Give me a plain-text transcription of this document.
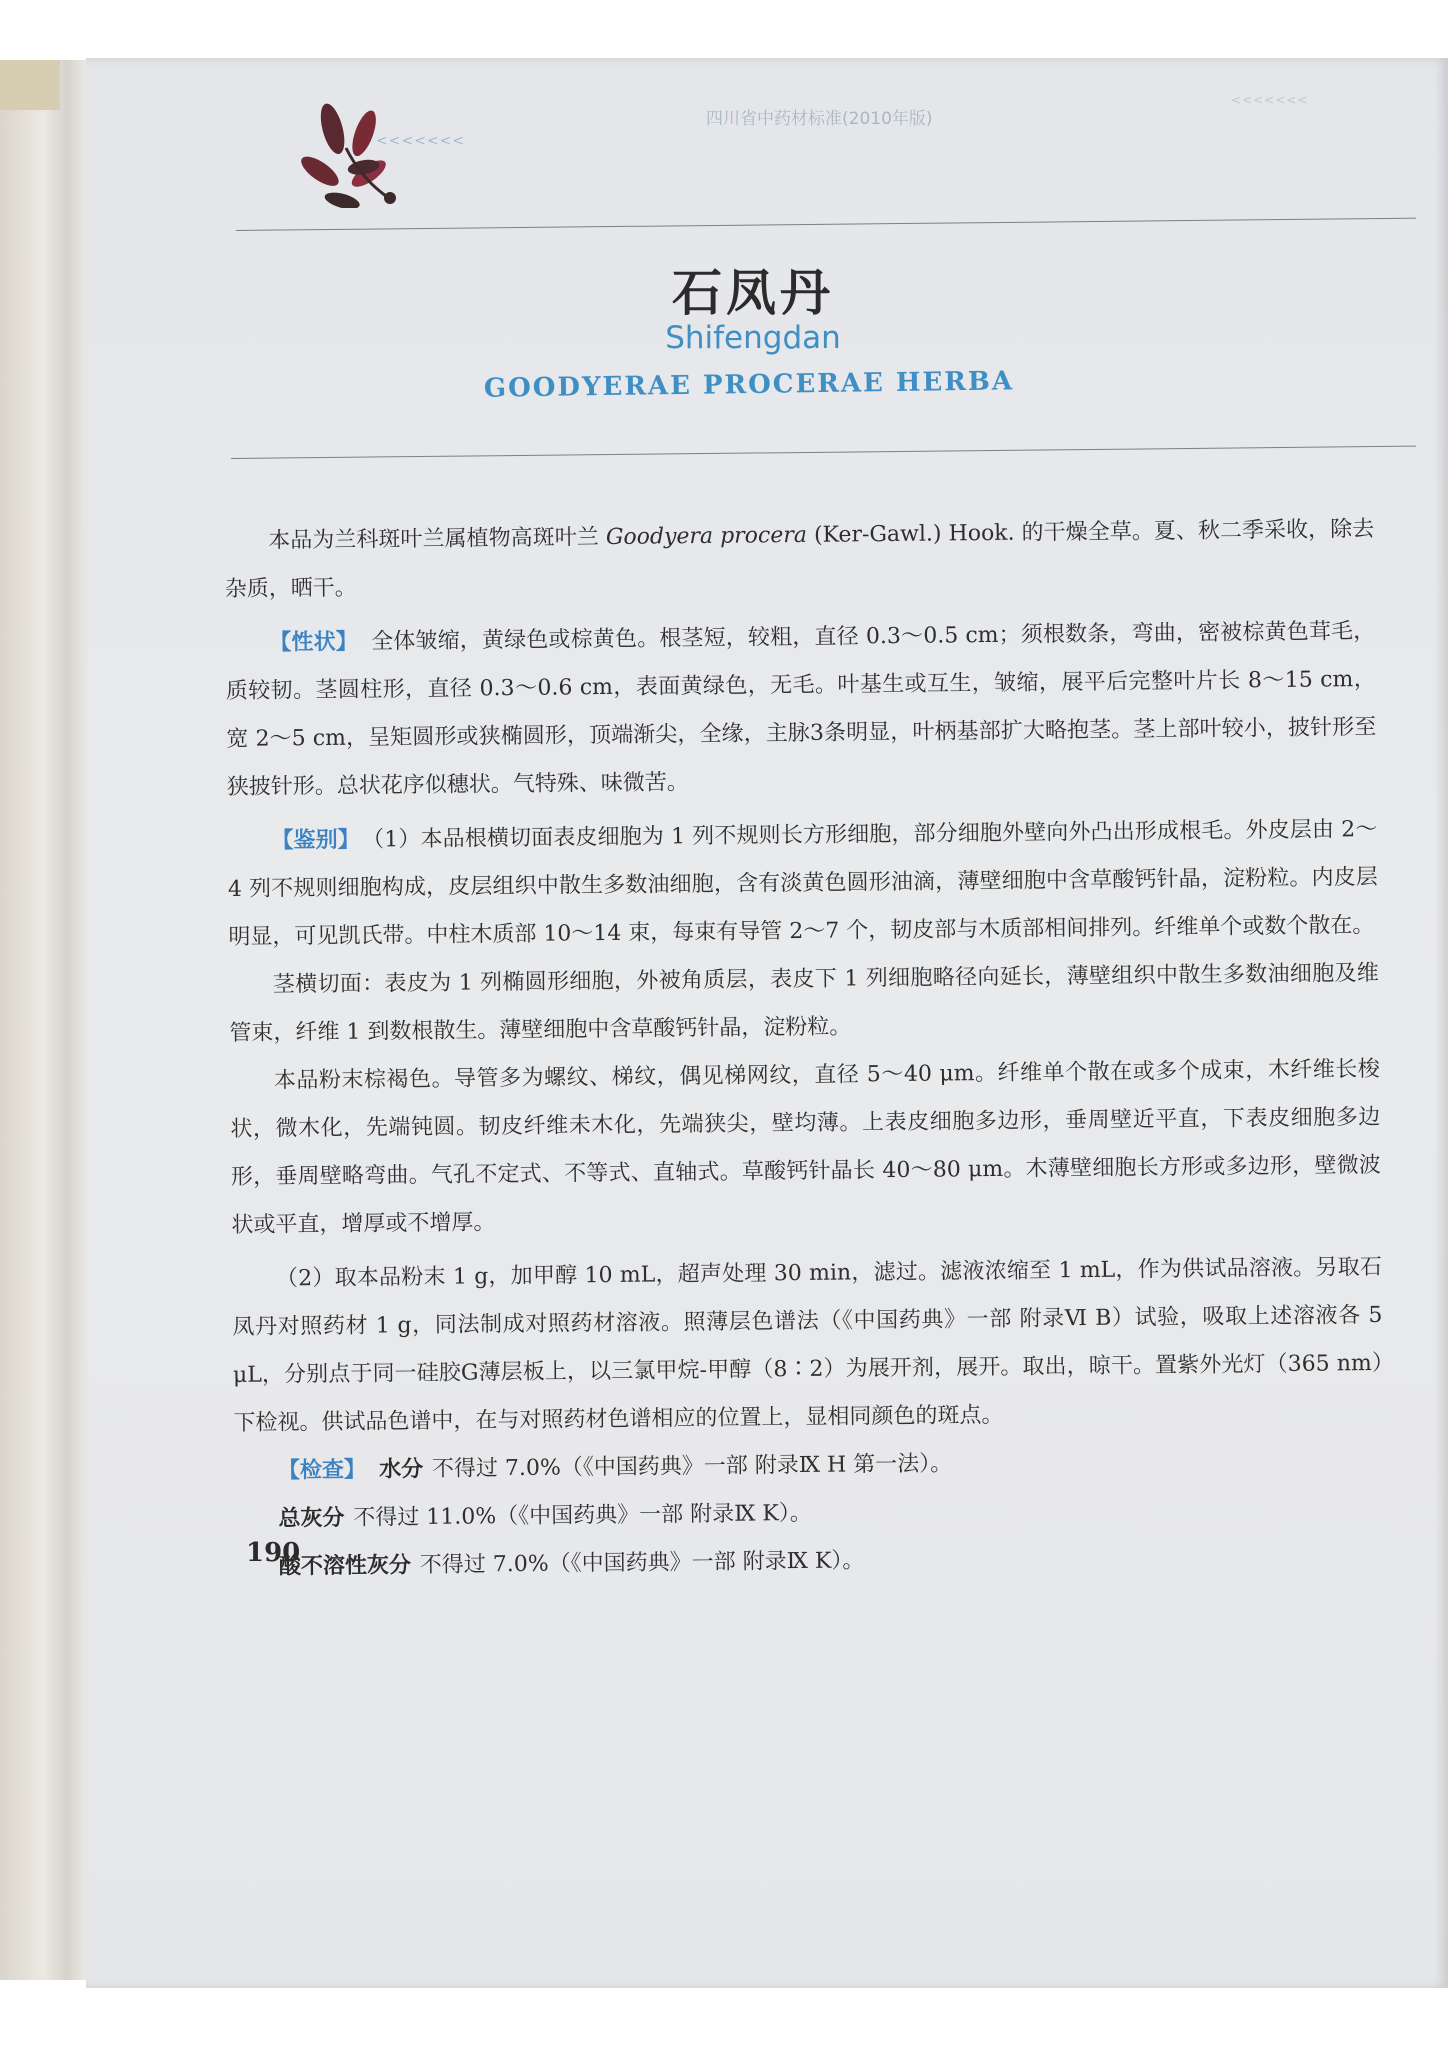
<<<<<<<
四川省中药材标准(2010年版)
<<<<<<<
石凤丹
Shifengdan
GOODYERAE PROCERAE HERBA

本品为兰科斑叶兰属植物高斑叶兰 Goodyera procera (Ker-Gawl.) Hook. 的干燥全草。夏、秋二季采收，除去杂质，晒干。

【性状】 全体皱缩，黄绿色或棕黄色。根茎短，较粗，直径 0.3～0.5 cm；须根数条，弯曲，密被棕黄色茸毛，质较韧。茎圆柱形，直径 0.3～0.6 cm，表面黄绿色，无毛。叶基生或互生，皱缩，展平后完整叶片长 8～15 cm，宽 2～5 cm，呈矩圆形或狭椭圆形，顶端渐尖，全缘，主脉3条明显，叶柄基部扩大略抱茎。茎上部叶较小，披针形至狭披针形。总状花序似穗状。气特殊、味微苦。

【鉴别】 （1）本品根横切面表皮细胞为 1 列不规则长方形细胞，部分细胞外壁向外凸出形成根毛。外皮层由 2～4 列不规则细胞构成，皮层组织中散生多数油细胞，含有淡黄色圆形油滴，薄壁细胞中含草酸钙针晶，淀粉粒。内皮层明显，可见凯氏带。中柱木质部 10～14 束，每束有导管 2～7 个，韧皮部与木质部相间排列。纤维单个或数个散在。

茎横切面：表皮为 1 列椭圆形细胞，外被角质层，表皮下 1 列细胞略径向延长，薄壁组织中散生多数油细胞及维管束，纤维 1 到数根散生。薄壁细胞中含草酸钙针晶，淀粉粒。

本品粉末棕褐色。导管多为螺纹、梯纹，偶见梯网纹，直径 5～40 μm。纤维单个散在或多个成束，木纤维长梭状，微木化，先端钝圆。韧皮纤维未木化，先端狭尖，壁均薄。上表皮细胞多边形，垂周壁近平直，下表皮细胞多边形，垂周壁略弯曲。气孔不定式、不等式、直轴式。草酸钙针晶长 40～80 μm。木薄壁细胞长方形或多边形，壁微波状或平直，增厚或不增厚。

（2）取本品粉末 1 g，加甲醇 10 mL，超声处理 30 min，滤过。滤液浓缩至 1 mL，作为供试品溶液。另取石凤丹对照药材 1 g，同法制成对照药材溶液。照薄层色谱法（《中国药典》一部 附录Ⅵ B）试验，吸取上述溶液各 5 μL，分别点于同一硅胶G薄层板上，以三氯甲烷-甲醇（8∶2）为展开剂，展开。取出，晾干。置紫外光灯（365 nm）下检视。供试品色谱中，在与对照药材色谱相应的位置上，显相同颜色的斑点。

【检查】 水分 不得过 7.0%（《中国药典》一部 附录Ⅸ H 第一法）。

总灰分 不得过 11.0%（《中国药典》一部 附录Ⅸ K）。

酸不溶性灰分 不得过 7.0%（《中国药典》一部 附录Ⅸ K）。

190
